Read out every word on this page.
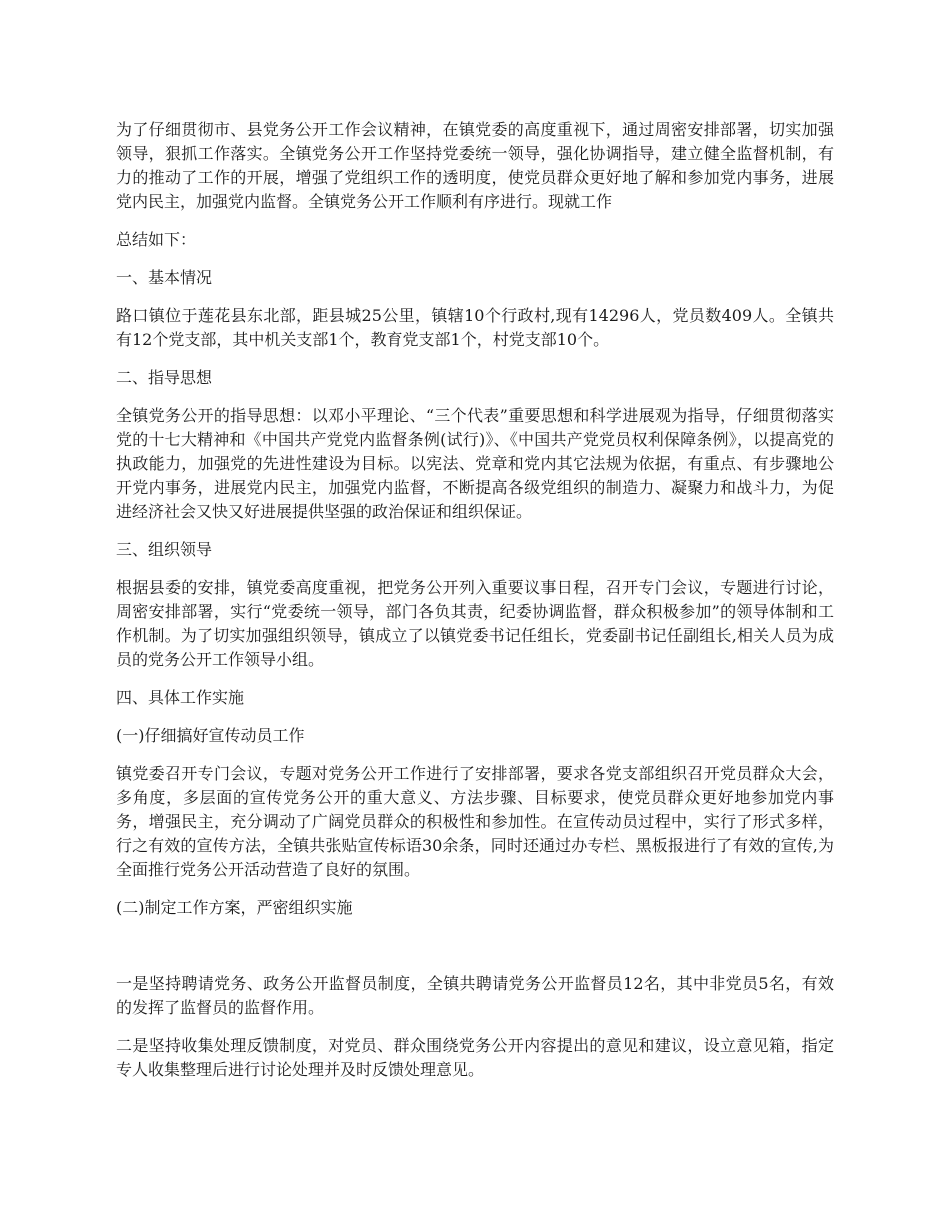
为了仔细贯彻市、县党务公开工作会议精神，在镇党委的高度重视下，通过周密安排部署，切实加强领导，狠抓工作落实。全镇党务公开工作坚持党委统一领导，强化协调指导，建立健全监督机制，有力的推动了工作的开展，增强了党组织工作的透明度，使党员群众更好地了解和参加党内事务，进展党内民主，加强党内监督。全镇党务公开工作顺利有序进行。现就工作

总结如下：

一、基本情况

路口镇位于莲花县东北部，距县城25公里，镇辖10个行政村,现有14296人，党员数409人。全镇共有12个党支部，其中机关支部1个，教育党支部1个，村党支部10个。

二、指导思想

全镇党务公开的指导思想：以邓小平理论、“三个代表”重要思想和科学进展观为指导，仔细贯彻落实党的十七大精神和《中国共产党党内监督条例(试行)》、《中国共产党党员权利保障条例》，以提高党的执政能力，加强党的先进性建设为目标。以宪法、党章和党内其它法规为依据，有重点、有步骤地公开党内事务，进展党内民主，加强党内监督，不断提高各级党组织的制造力、凝聚力和战斗力，为促进经济社会又快又好进展提供坚强的政治保证和组织保证。

三、组织领导

根据县委的安排，镇党委高度重视，把党务公开列入重要议事日程，召开专门会议，专题进行讨论，周密安排部署，实行“党委统一领导，部门各负其责，纪委协调监督，群众积极参加”的领导体制和工作机制。为了切实加强组织领导，镇成立了以镇党委书记任组长，党委副书记任副组长,相关人员为成员的党务公开工作领导小组。

四、具体工作实施

(一)仔细搞好宣传动员工作

镇党委召开专门会议，专题对党务公开工作进行了安排部署，要求各党支部组织召开党员群众大会，多角度，多层面的宣传党务公开的重大意义、方法步骤、目标要求，使党员群众更好地参加党内事务，增强民主，充分调动了广阔党员群众的积极性和参加性。在宣传动员过程中，实行了形式多样，行之有效的宣传方法，全镇共张贴宣传标语30余条，同时还通过办专栏、黑板报进行了有效的宣传,为全面推行党务公开活动营造了良好的氛围。

(二)制定工作方案，严密组织实施

一是坚持聘请党务、政务公开监督员制度，全镇共聘请党务公开监督员12名，其中非党员5名，有效的发挥了监督员的监督作用。

二是坚持收集处理反馈制度，对党员、群众围绕党务公开内容提出的意见和建议，设立意见箱，指定专人收集整理后进行讨论处理并及时反馈处理意见。
